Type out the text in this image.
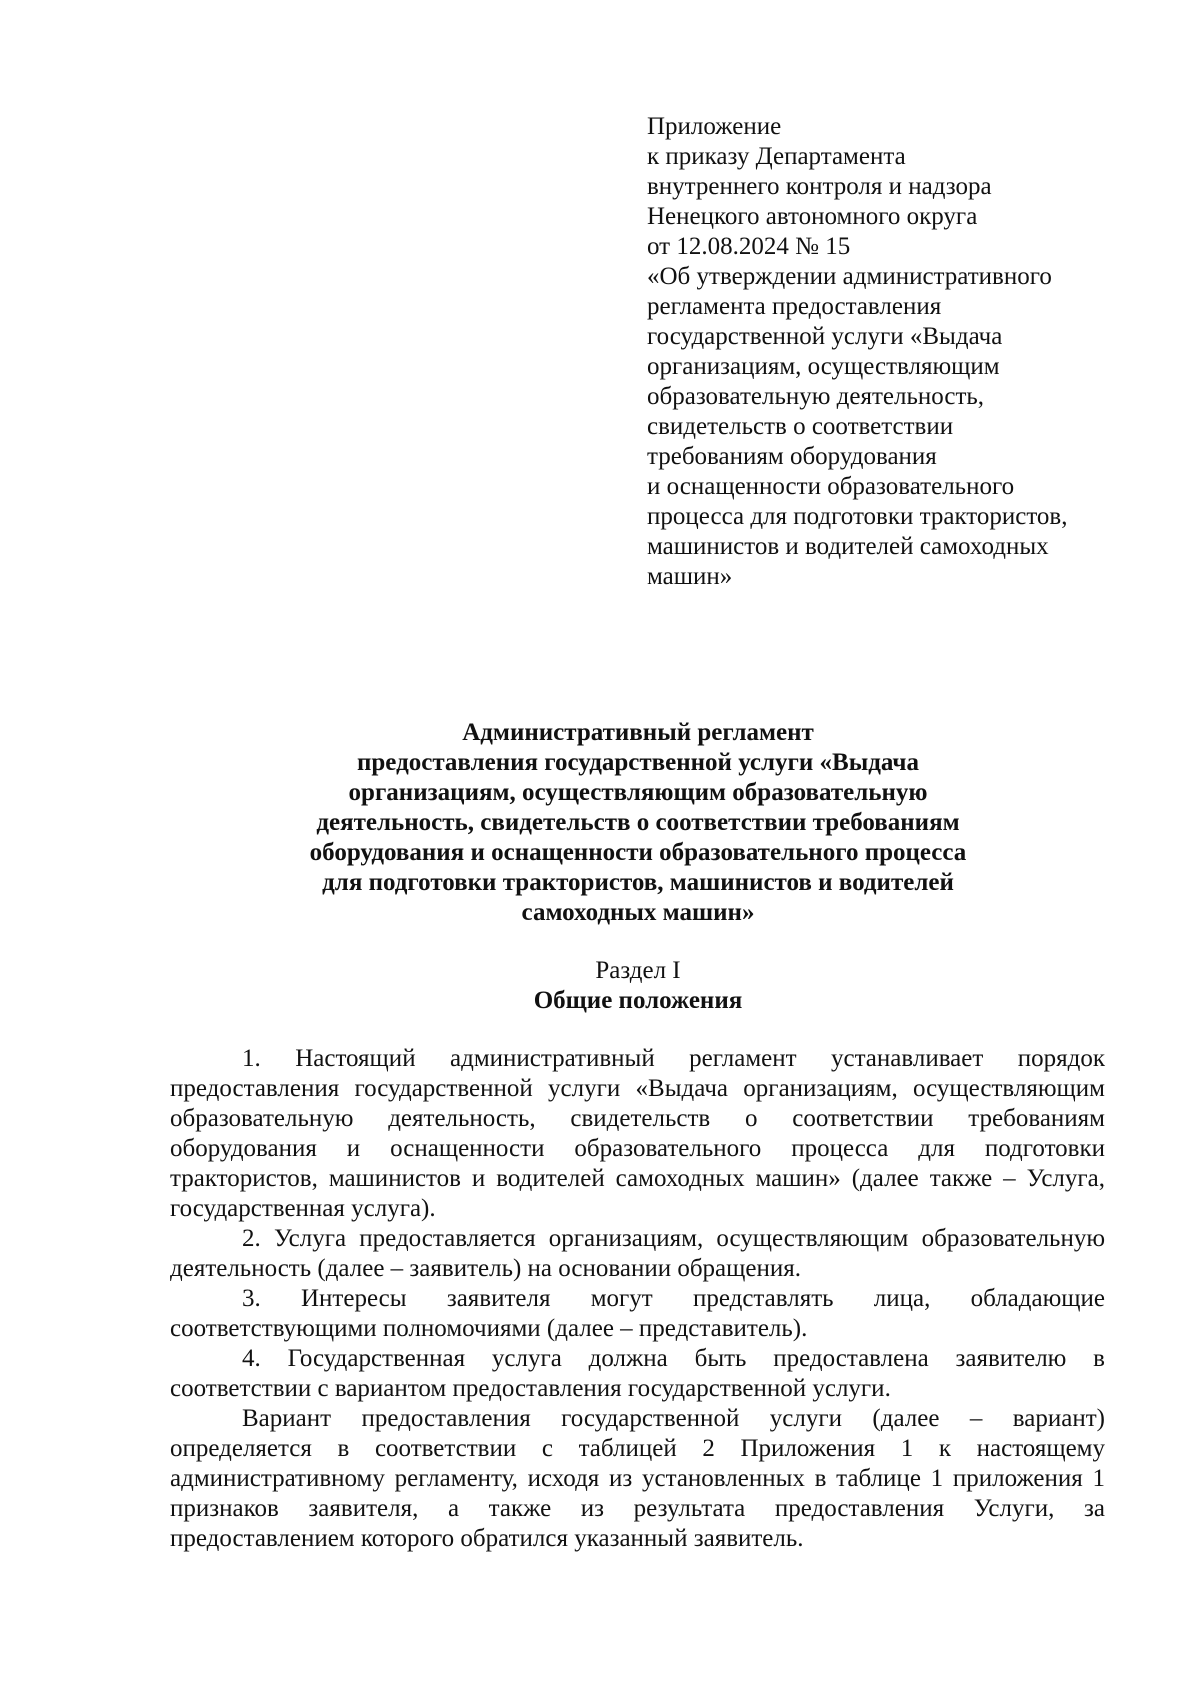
Приложение
к приказу Департамента
внутреннего контроля и надзора
Ненецкого автономного округа
от 12.08.2024 № 15
«Об утверждении административного
регламента предоставления
государственной услуги «Выдача
организациям, осуществляющим
образовательную деятельность,
свидетельств о соответствии
требованиям оборудования
и оснащенности образовательного
процесса для подготовки трактористов,
машинистов и водителей самоходных
машин»
Административный регламент
предоставления государственной услуги «Выдача
организациям, осуществляющим образовательную
деятельность, свидетельств о соответствии требованиям
оборудования и оснащенности образовательного процесса
для подготовки трактористов, машинистов и водителей
самоходных машин»
Раздел I
Общие положения

1. Настоящий административный регламент устанавливает порядок предоставления государственной услуги «Выдача организациям, осуществляющим образовательную деятельность, свидетельств о соответствии требованиям оборудования и оснащенности образовательного процесса для подготовки трактористов, машинистов и водителей самоходных машин» (далее также – Услуга, государственная услуга).

2. Услуга предоставляется организациям, осуществляющим образовательную деятельность (далее – заявитель) на основании обращения.

3. Интересы заявителя могут представлять лица, обладающие соответствующими полномочиями (далее – представитель).

4. Государственная услуга должна быть предоставлена заявителю в соответствии с вариантом предоставления государственной услуги.

Вариант предоставления государственной услуги (далее – вариант) определяется в соответствии с таблицей 2 Приложения 1 к настоящему административному регламенту, исходя из установленных в таблице 1 приложения 1 признаков заявителя, а также из результата предоставления Услуги, за предоставлением которого обратился указанный заявитель.
